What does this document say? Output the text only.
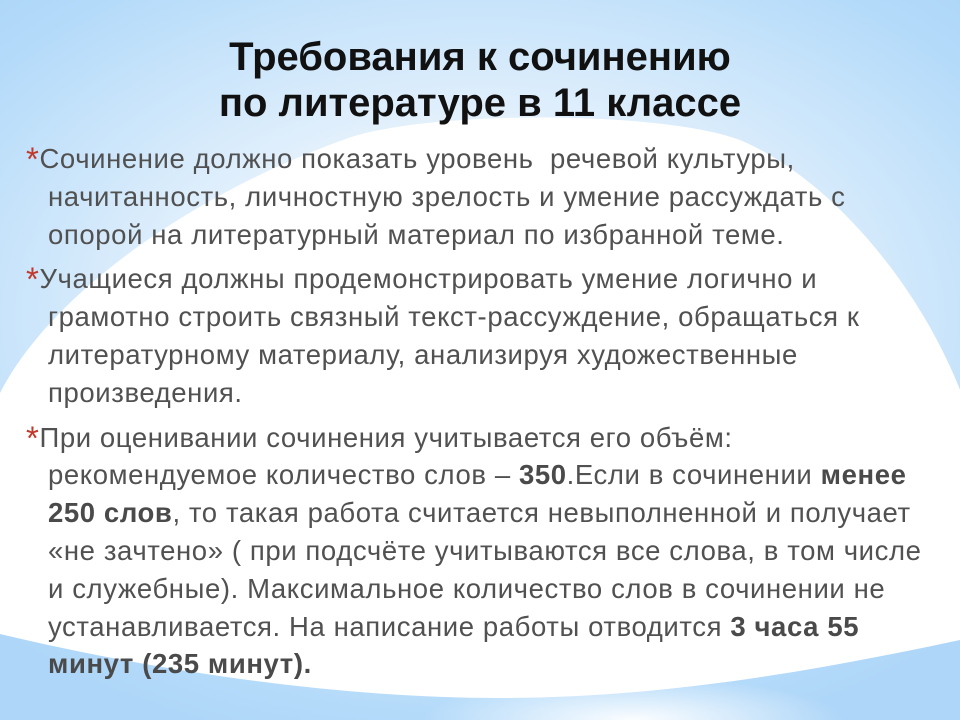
Требования к сочинению
по литературе в 11 классе
*Сочинение должно показать уровень  речевой культуры, начитанность, личностную зрелость и умение рассуждать с опорой на литературный материал по избранной теме.
*Учащиеся должны продемонстрировать умение логично и грамотно строить связный текст-рассуждение, обращаться к литературному материалу, анализируя художественные произведения.
*При оценивании сочинения учитывается его объём: рекомендуемое количество слов – 350.Если в сочинении менее 250 слов, то такая работа считается невыполненной и получает «не зачтено» ( при подсчёте учитываются все слова, в том числе и служебные). Максимальное количество слов в сочинении не устанавливается. На написание работы отводится 3 часа 55 минут (235 минут).
